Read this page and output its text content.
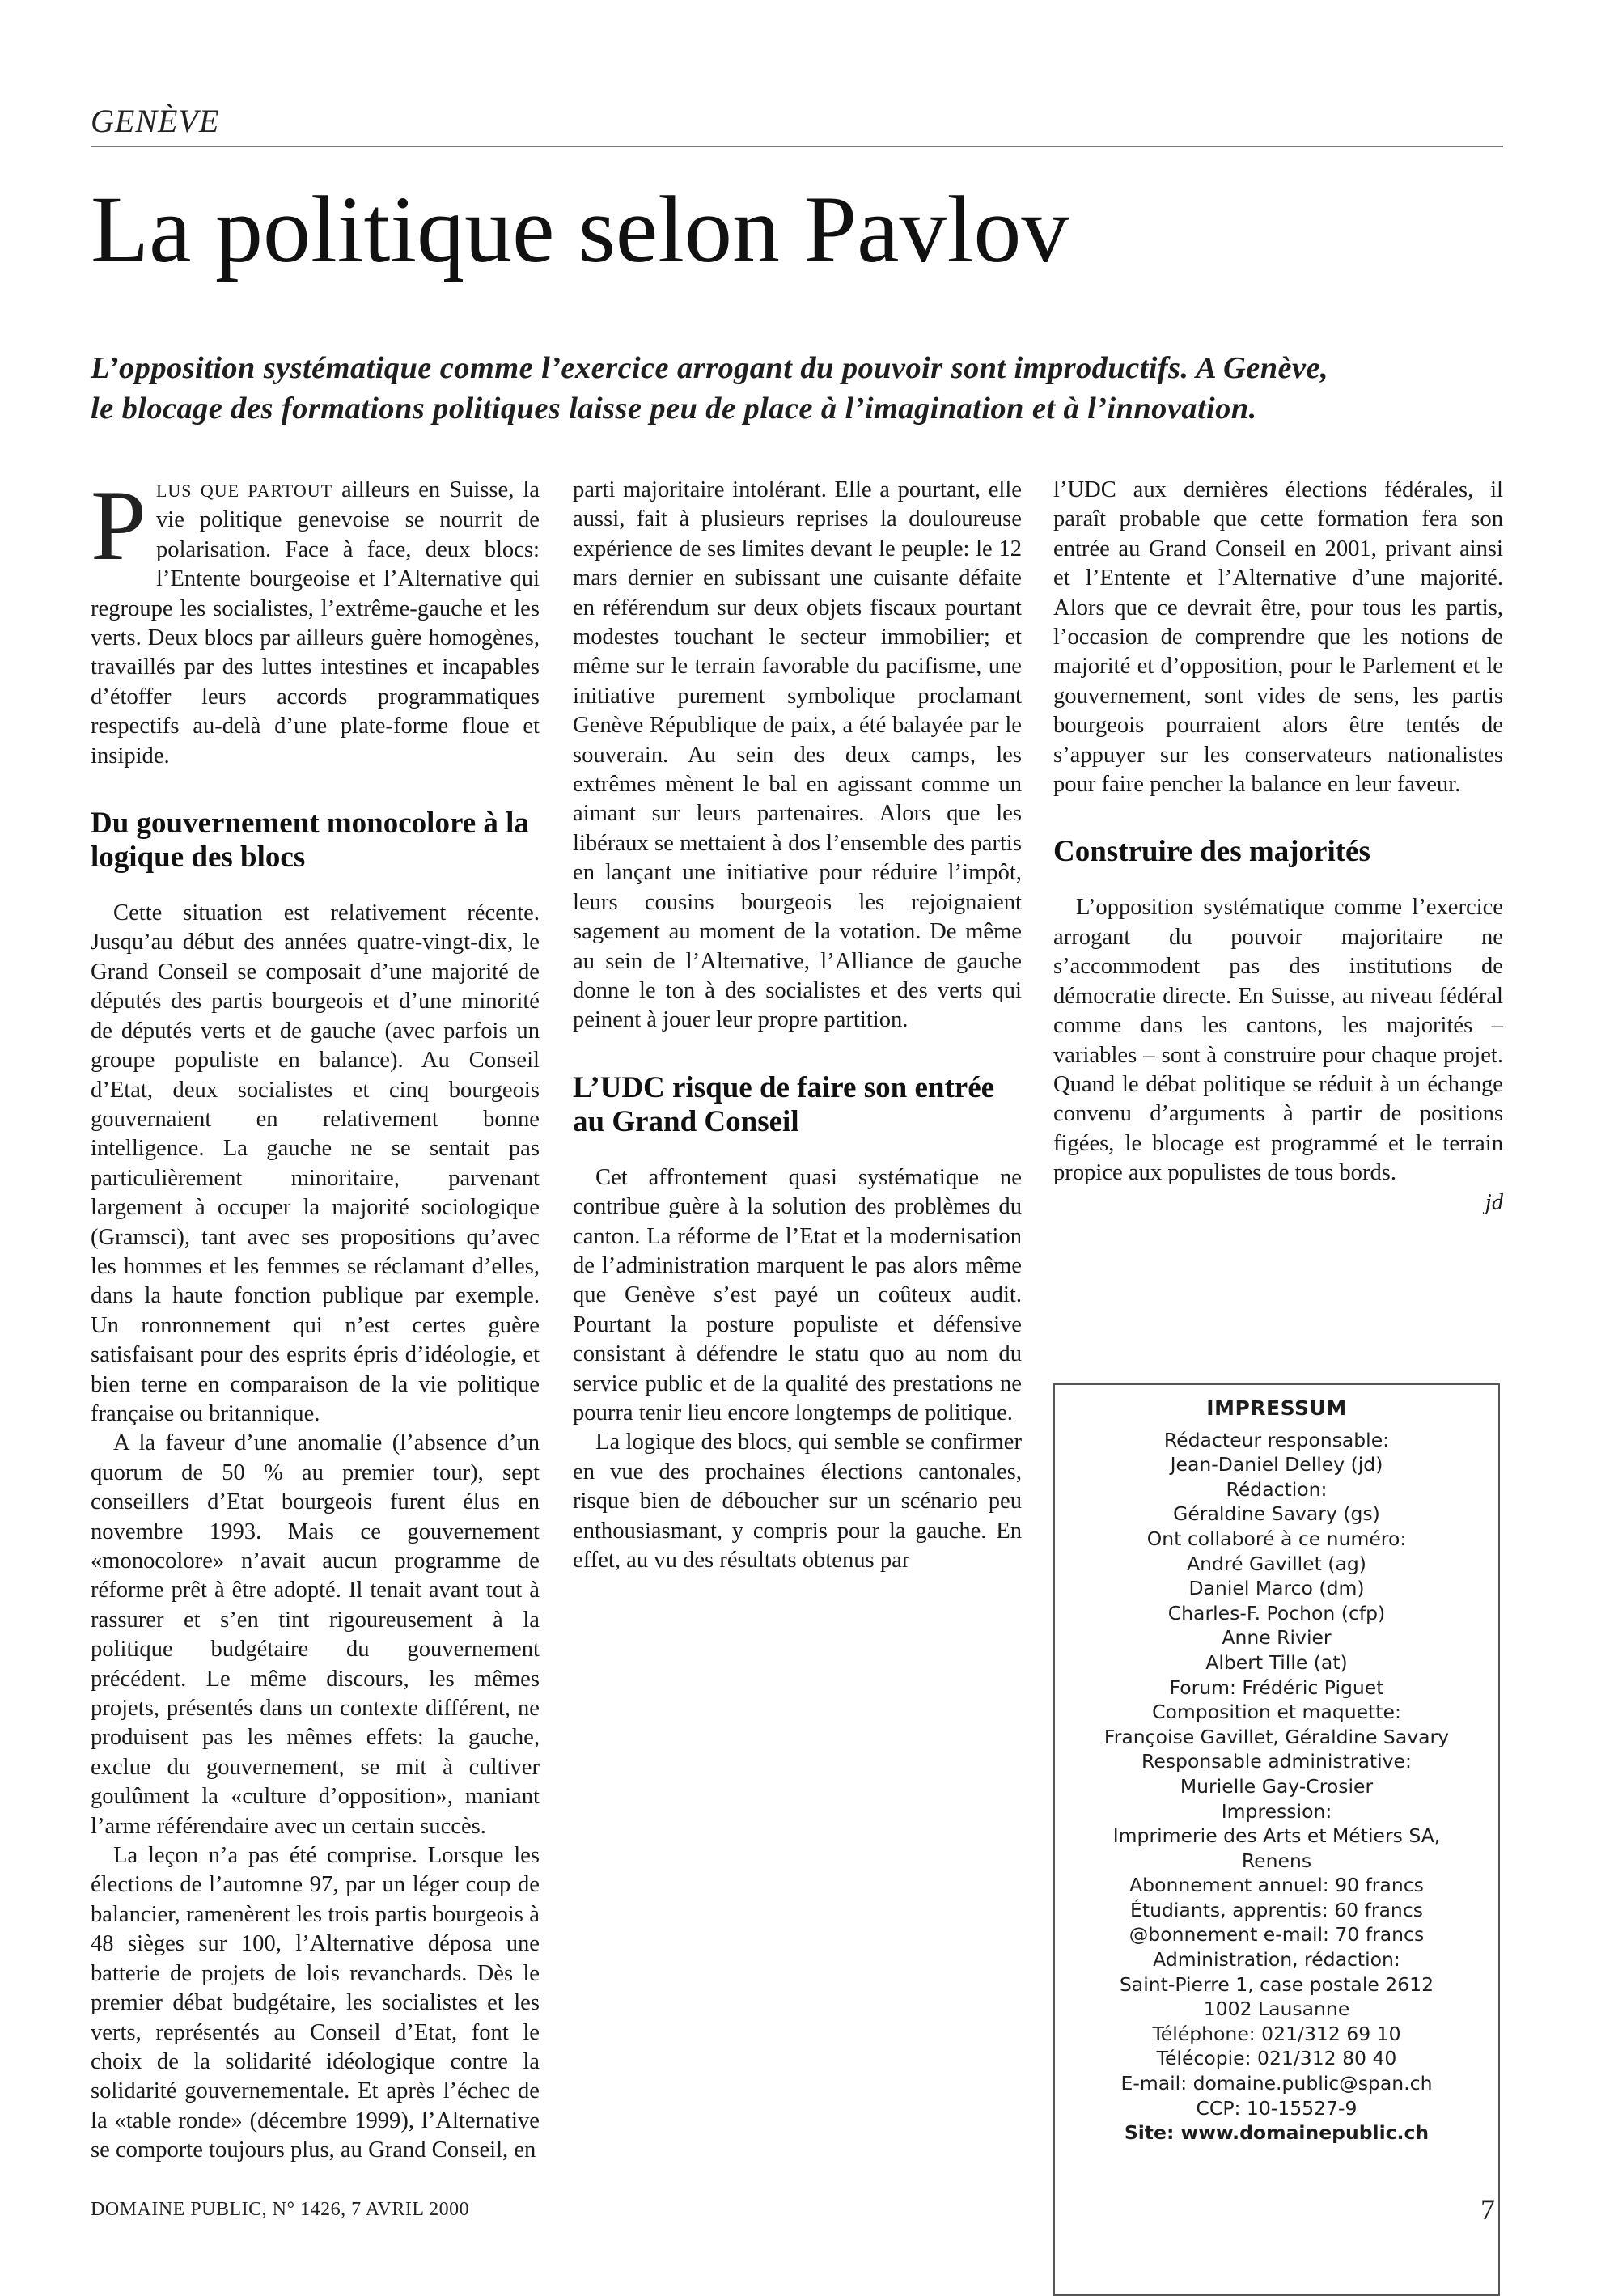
GENÈVE
La politique selon Pavlov
L’opposition systématique comme l’exercice arrogant du pouvoir sont improductifs. A Genève, le blocage des formations politiques laisse peu de place à l’imagination et à l’innovation.

PLUS QUE PARTOUT ailleurs en Suisse, la vie politique genevoise se nourrit de polarisation. Face à face, deux blocs: l’Entente bourgeoise et l’Alternative qui regroupe les socialistes, l’extrême-gauche et les verts. Deux blocs par ailleurs guère homogènes, travaillés par des luttes intestines et incapables d’étoffer leurs accords programmatiques respectifs au-delà d’une plate-forme floue et insipide.

Du gouvernement monocolore à la logique des blocs

Cette situation est relativement récente. Jusqu’au début des années quatre-vingt-dix, le Grand Conseil se composait d’une majorité de députés des partis bourgeois et d’une minorité de députés verts et de gauche (avec parfois un groupe populiste en balance). Au Conseil d’Etat, deux socialistes et cinq bourgeois gouvernaient en relativement bonne intelligence. La gauche ne se sentait pas particulièrement minoritaire, parvenant largement à occuper la majorité sociologique (Gramsci), tant avec ses propositions qu’avec les hommes et les femmes se réclamant d’elles, dans la haute fonction publique par exemple. Un ronronnement qui n’est certes guère satisfaisant pour des esprits épris d’idéologie, et bien terne en comparaison de la vie politique française ou britannique.

A la faveur d’une anomalie (l’absence d’un quorum de 50 % au premier tour), sept conseillers d’Etat bourgeois furent élus en novembre 1993. Mais ce gouvernement «monocolore» n’avait aucun programme de réforme prêt à être adopté. Il tenait avant tout à rassurer et s’en tint rigoureusement à la politique budgétaire du gouvernement précédent. Le même discours, les mêmes projets, présentés dans un contexte différent, ne produisent pas les mêmes effets: la gauche, exclue du gouvernement, se mit à cultiver goulûment la «culture d’opposition», maniant l’arme référendaire avec un certain succès.

La leçon n’a pas été comprise. Lorsque les élections de l’automne 97, par un léger coup de balancier, ramenèrent les trois partis bourgeois à 48 sièges sur 100, l’Alternative déposa une batterie de projets de lois revanchards. Dès le premier débat budgétaire, les socialistes et les verts, représentés au Conseil d’Etat, font le choix de la solidarité idéologique contre la solidarité gouvernementale. Et après l’échec de la «table ronde» (décembre 1999), l’Alternative se comporte toujours plus, au Grand Conseil, en

parti majoritaire intolérant. Elle a pourtant, elle aussi, fait à plusieurs reprises la douloureuse expérience de ses limites devant le peuple: le 12 mars dernier en subissant une cuisante défaite en référendum sur deux objets fiscaux pourtant modestes touchant le secteur immobilier; et même sur le terrain favorable du pacifisme, une initiative purement symbolique proclamant Genève République de paix, a été balayée par le souverain. Au sein des deux camps, les extrêmes mènent le bal en agissant comme un aimant sur leurs partenaires. Alors que les libéraux se mettaient à dos l’ensemble des partis en lançant une initiative pour réduire l’impôt, leurs cousins bourgeois les rejoignaient sagement au moment de la votation. De même au sein de l’Alternative, l’Alliance de gauche donne le ton à des socialistes et des verts qui peinent à jouer leur propre partition.

L’UDC risque de faire son entrée au Grand Conseil

Cet affrontement quasi systématique ne contribue guère à la solution des problèmes du canton. La réforme de l’Etat et la modernisation de l’administration marquent le pas alors même que Genève s’est payé un coûteux audit. Pourtant la posture populiste et défensive consistant à défendre le statu quo au nom du service public et de la qualité des prestations ne pourra tenir lieu encore longtemps de politique.

La logique des blocs, qui semble se confirmer en vue des prochaines élections cantonales, risque bien de déboucher sur un scénario peu enthousiasmant, y compris pour la gauche. En effet, au vu des résultats obtenus par

l’UDC aux dernières élections fédérales, il paraît probable que cette formation fera son entrée au Grand Conseil en 2001, privant ainsi et l’Entente et l’Alternative d’une majorité. Alors que ce devrait être, pour tous les partis, l’occasion de comprendre que les notions de majorité et d’opposition, pour le Parlement et le gouvernement, sont vides de sens, les partis bourgeois pourraient alors être tentés de s’appuyer sur les conservateurs nationalistes pour faire pencher la balance en leur faveur.

Construire des majorités

L’opposition systématique comme l’exercice arrogant du pouvoir majoritaire ne s’accommodent pas des institutions de démocratie directe. En Suisse, au niveau fédéral comme dans les cantons, les majorités – variables – sont à construire pour chaque projet. Quand le débat politique se réduit à un échange convenu d’arguments à partir de positions figées, le blocage est programmé et le terrain propice aux populistes de tous bords.

jd

IMPRESSUM
Rédacteur responsable:
Jean-Daniel Delley (jd)
Rédaction:
Géraldine Savary (gs)
Ont collaboré à ce numéro:
André Gavillet (ag)
Daniel Marco (dm)
Charles-F. Pochon (cfp)
Anne Rivier
Albert Tille (at)
Forum: Frédéric Piguet
Composition et maquette:
Françoise Gavillet, Géraldine Savary
Responsable administrative:
Murielle Gay-Crosier
Impression:
Imprimerie des Arts et Métiers SA,
Renens
Abonnement annuel: 90 francs
Étudiants, apprentis: 60 francs
@bonnement e-mail: 70 francs
Administration, rédaction:
Saint-Pierre 1, case postale 2612
1002 Lausanne
Téléphone: 021/312 69 10
Télécopie: 021/312 80 40
E-mail: domaine.public@span.ch
CCP: 10-15527-9
Site: www.domainepublic.ch
DOMAINE PUBLIC, N° 1426, 7 AVRIL 2000	7
